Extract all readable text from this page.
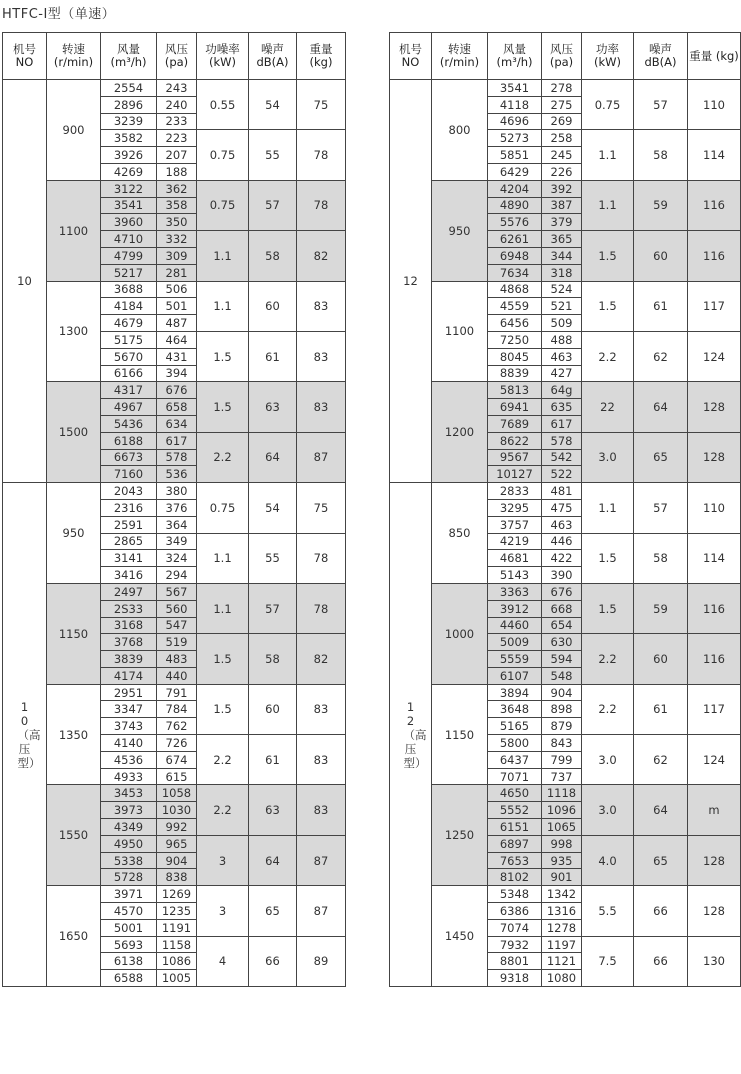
HTFC-Ⅰ型（单速）
机号 NO	转速 (r/min)	风量 (m³/h)	风压 (pa)	功噪率 (kW)	噪声 dB(A)	重量 (kg)
10	900	2554	243	0.55	54	75
		2896	240			
		3239	233			
		3582	223	0.75	55	78
		3926	207			
		4269	188			
	1100	3122	362	0.75	57	78
		3541	358			
		3960	350			
		4710	332	1.1	58	82
		4799	309			
		5217	281			
	1300	3688	506	1.1	60	83
		4184	501			
		4679	487			
		5175	464	1.5	61	83
		5670	431			
		6166	394			
	1500	4317	676	1.5	63	83
		4967	658			
		5436	634			
		6188	617	2.2	64	87
		6673	578			
		7160	536			
10（高压型）	950	2043	380	0.75	54	75
		2316	376			
		2591	364			
		2865	349	1.1	55	78
		3141	324			
		3416	294			
	1150	2497	567	1.1	57	78
		2S33	560			
		3168	547			
		3768	519	1.5	58	82
		3839	483			
		4174	440			
	1350	2951	791	1.5	60	83
		3347	784			
		3743	762			
		4140	726	2.2	61	83
		4536	674			
		4933	615			
	1550	3453	1058	2.2	63	83
		3973	1030			
		4349	992			
		4950	965	3	64	87
		5338	904			
		5728	838			
	1650	3971	1269	3	65	87
		4570	1235			
		5001	1191			
		5693	1158	4	66	89
		6138	1086			
		6588	1005			
机号 NO	转速 (r/min)	风量 (m³/h)	风压 (pa)	功率 (kW)	噪声 dB(A)	重量 (kg)
12	800	3541	278	0.75	57	110
		4118	275			
		4696	269			
		5273	258	1.1	58	114
		5851	245			
		6429	226			
	950	4204	392	1.1	59	116
		4890	387			
		5576	379			
		6261	365	1.5	60	116
		6948	344			
		7634	318			
	1100	4868	524	1.5	61	117
		4559	521			
		6456	509			
		7250	488	2.2	62	124
		8045	463			
		8839	427			
	1200	5813	64g	22	64	128
		6941	635			
		7689	617			
		8622	578	3.0	65	128
		9567	542			
		10127	522			
12（高压型）	850	2833	481	1.1	57	110
		3295	475			
		3757	463			
		4219	446	1.5	58	114
		4681	422			
		5143	390			
	1000	3363	676	1.5	59	116
		3912	668			
		4460	654			
		5009	630	2.2	60	116
		5559	594			
		6107	548			
	1150	3894	904	2.2	61	117
		3648	898			
		5165	879			
		5800	843	3.0	62	124
		6437	799			
		7071	737			
	1250	4650	1118	3.0	64	m
		5552	1096			
		6151	1065			
		6897	998	4.0	65	128
		7653	935			
		8102	901			
	1450	5348	1342	5.5	66	128
		6386	1316			
		7074	1278			
		7932	1197	7.5	66	130
		8801	1121			
		9318	1080			
